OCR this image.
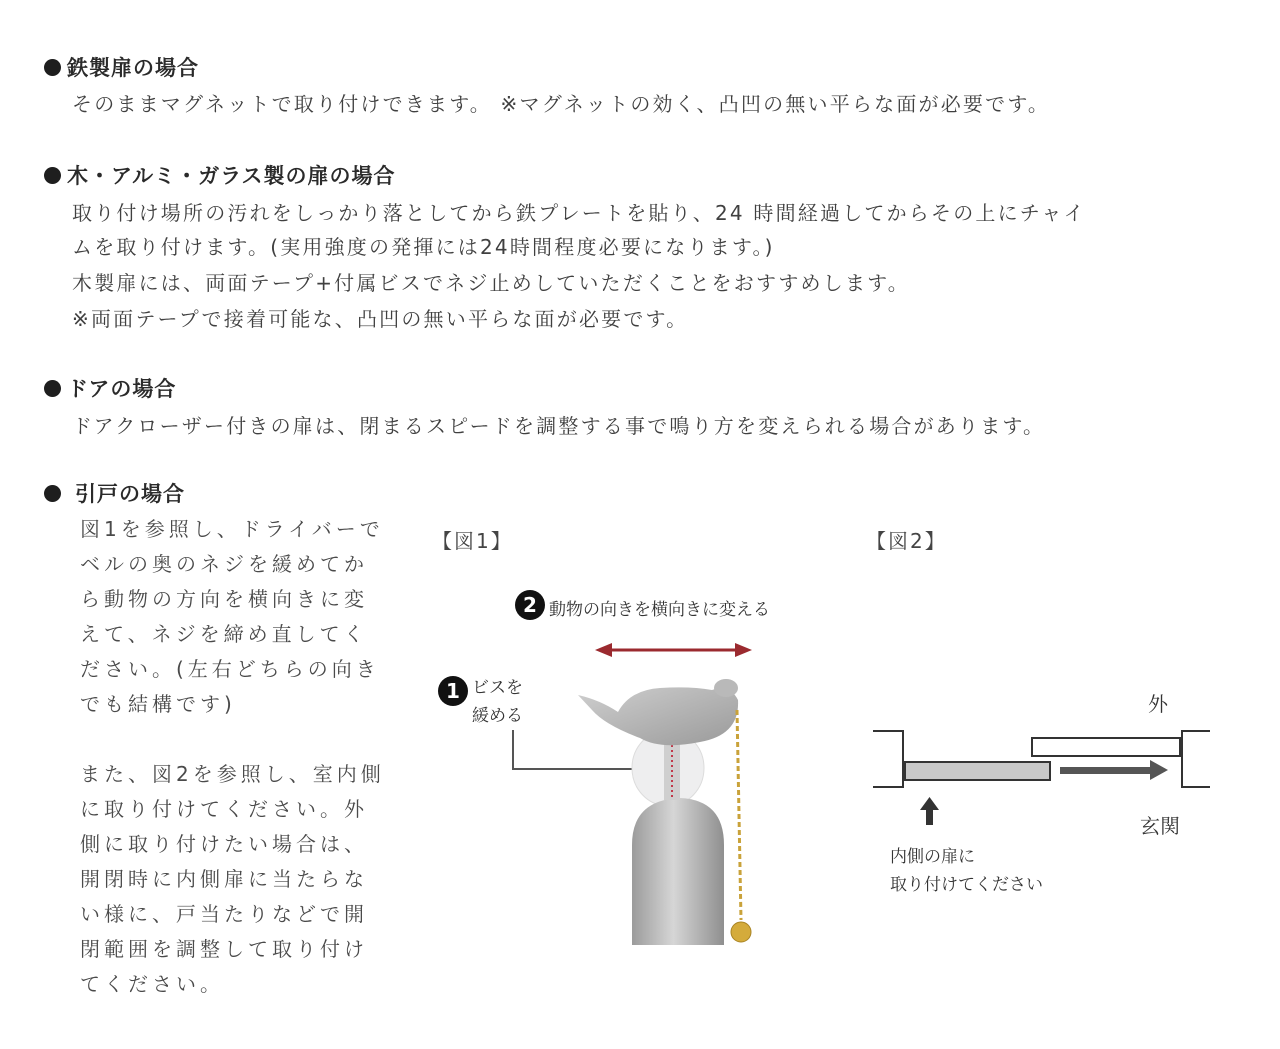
鉄製扉の場合
そのままマグネットで取り付けできます。 ※マグネットの効く、凸凹の無い平らな面が必要です。
木・アルミ・ガラス製の扉の場合
取り付け場所の汚れをしっかり落としてから鉄プレートを貼り、24 時間経過してからその上にチャイ
ムを取り付けます。(実用強度の発揮には24時間程度必要になります。)
木製扉には、両面テープ+付属ビスでネジ止めしていただくことをおすすめします。
※両面テープで接着可能な、凸凹の無い平らな面が必要です。
ドアの場合
ドアクローザー付きの扉は、閉まるスピードを調整する事で鳴り方を変えられる場合があります。
引戸の場合
図1を参照し、ドライバーで
ベルの奥のネジを緩めてか
ら動物の方向を横向きに変
えて、ネジを締め直してく
ださい。(左右どちらの向き
でも結構です)
また、図2を参照し、室内側
に取り付けてください。外
側に取り付けたい場合は、
開閉時に内側扉に当たらな
い様に、戸当たりなどで開
閉範囲を調整して取り付け
てください。
【図1】
2 動物の向きを横向きに変える
1 ビスを
緩める
【図2】
外
玄関
内側の扉に
取り付けてください
